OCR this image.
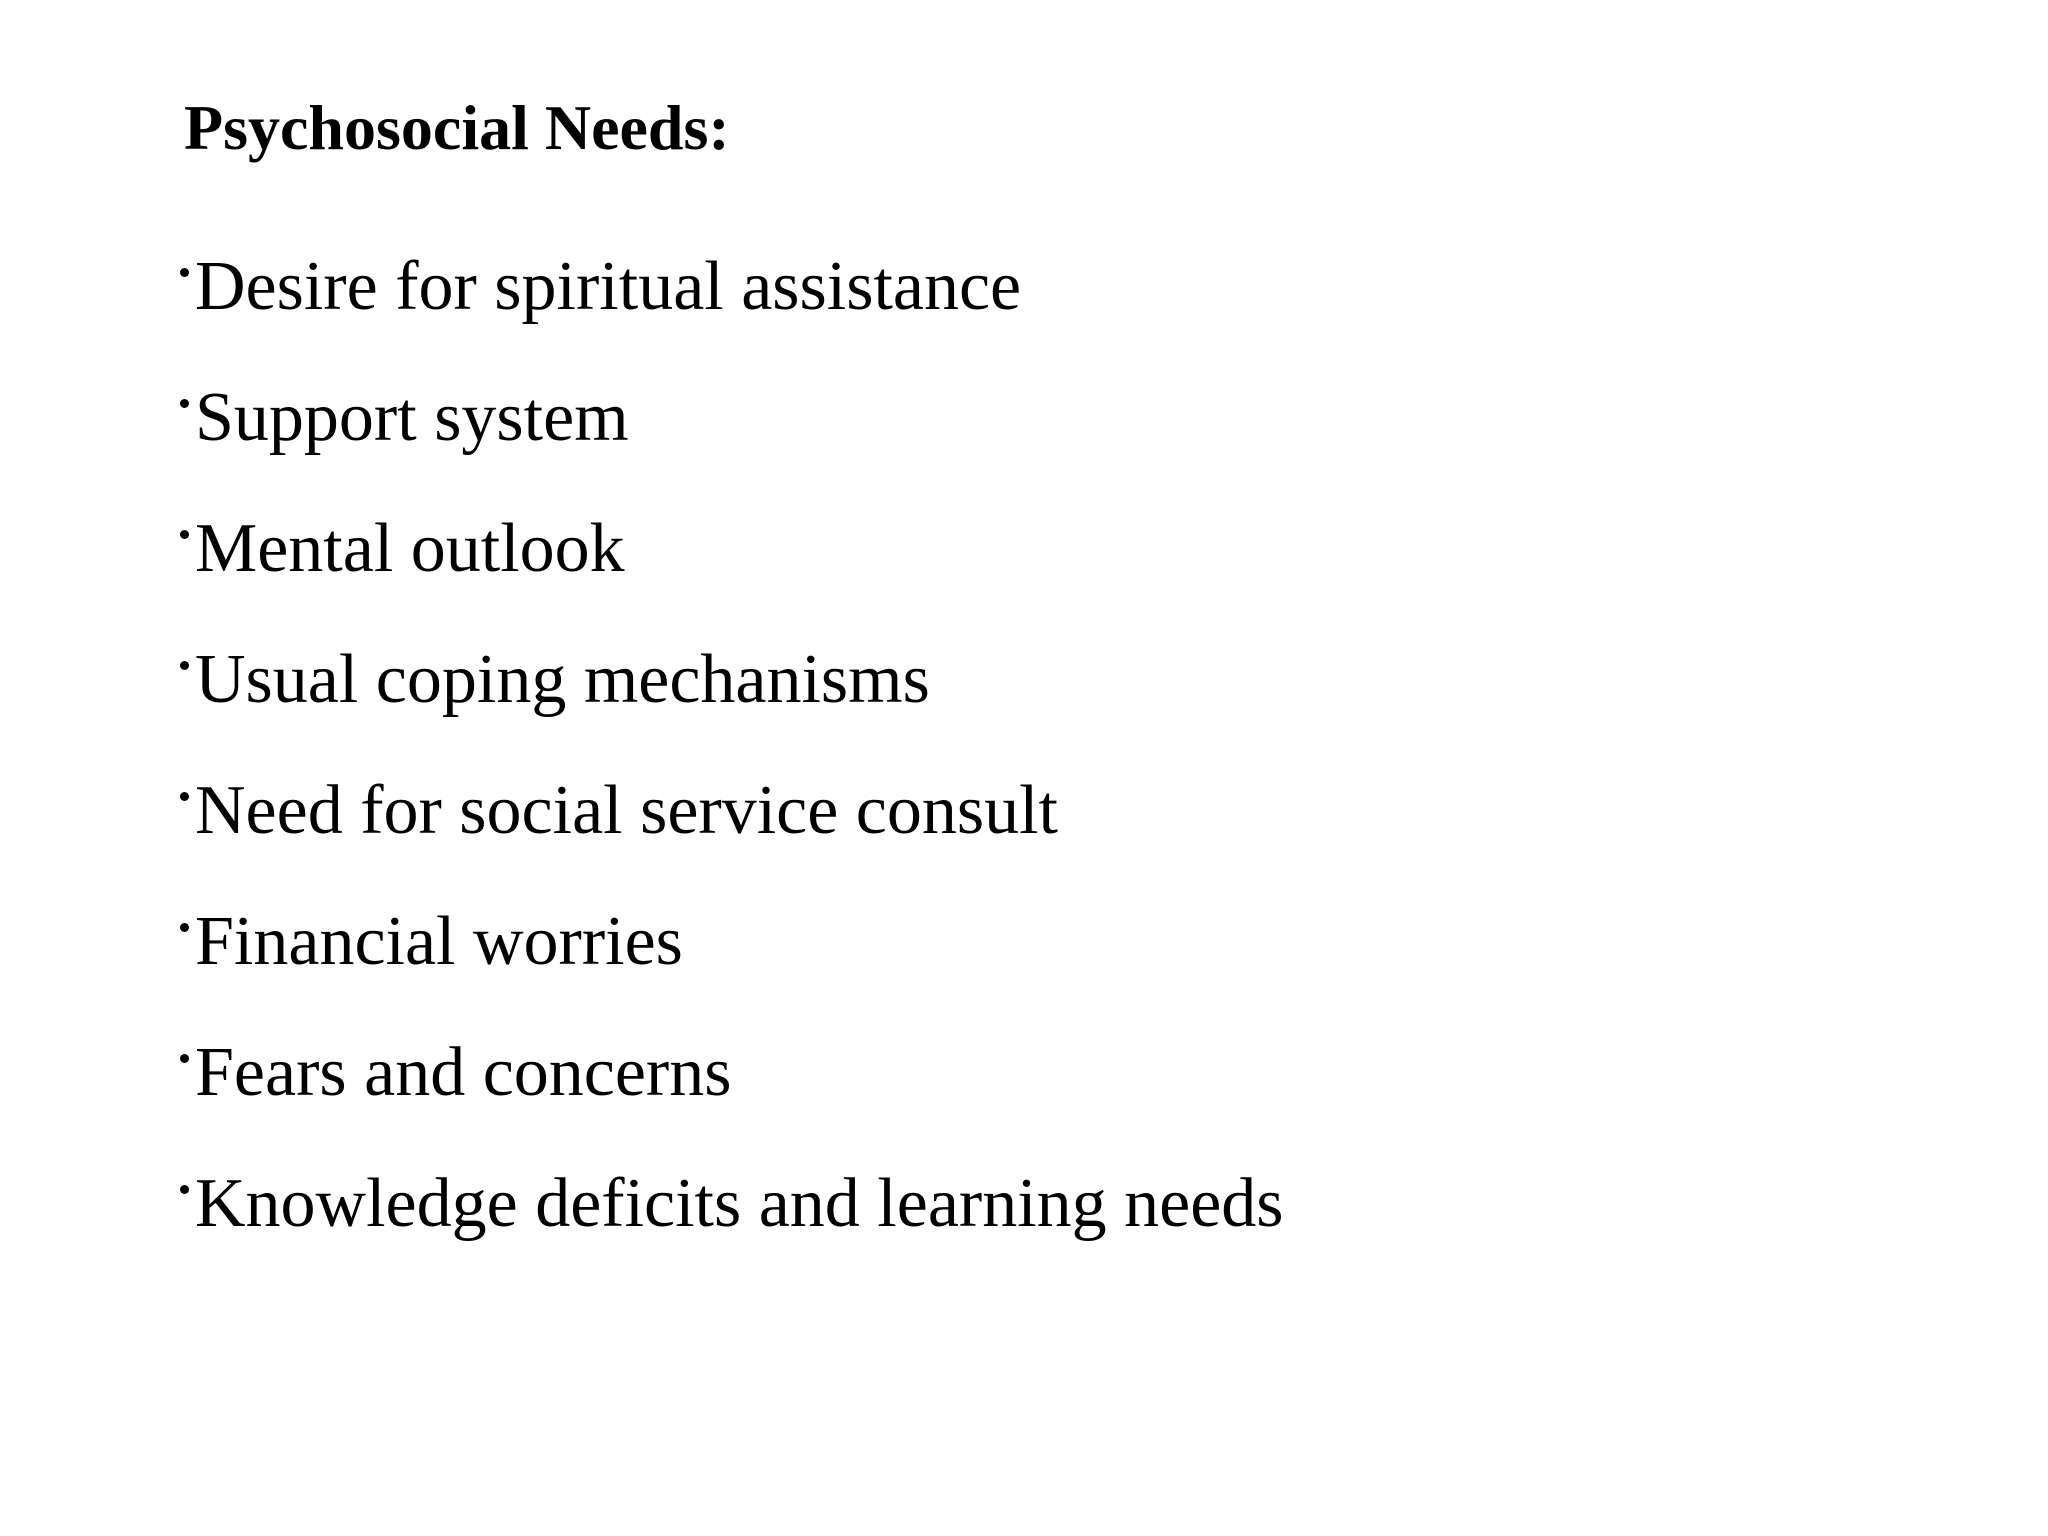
Psychosocial Needs:
Desire for spiritual assistance
Support system
Mental outlook
Usual coping mechanisms
Need for social service consult
Financial worries
Fears and concerns
Knowledge deficits and learning needs
